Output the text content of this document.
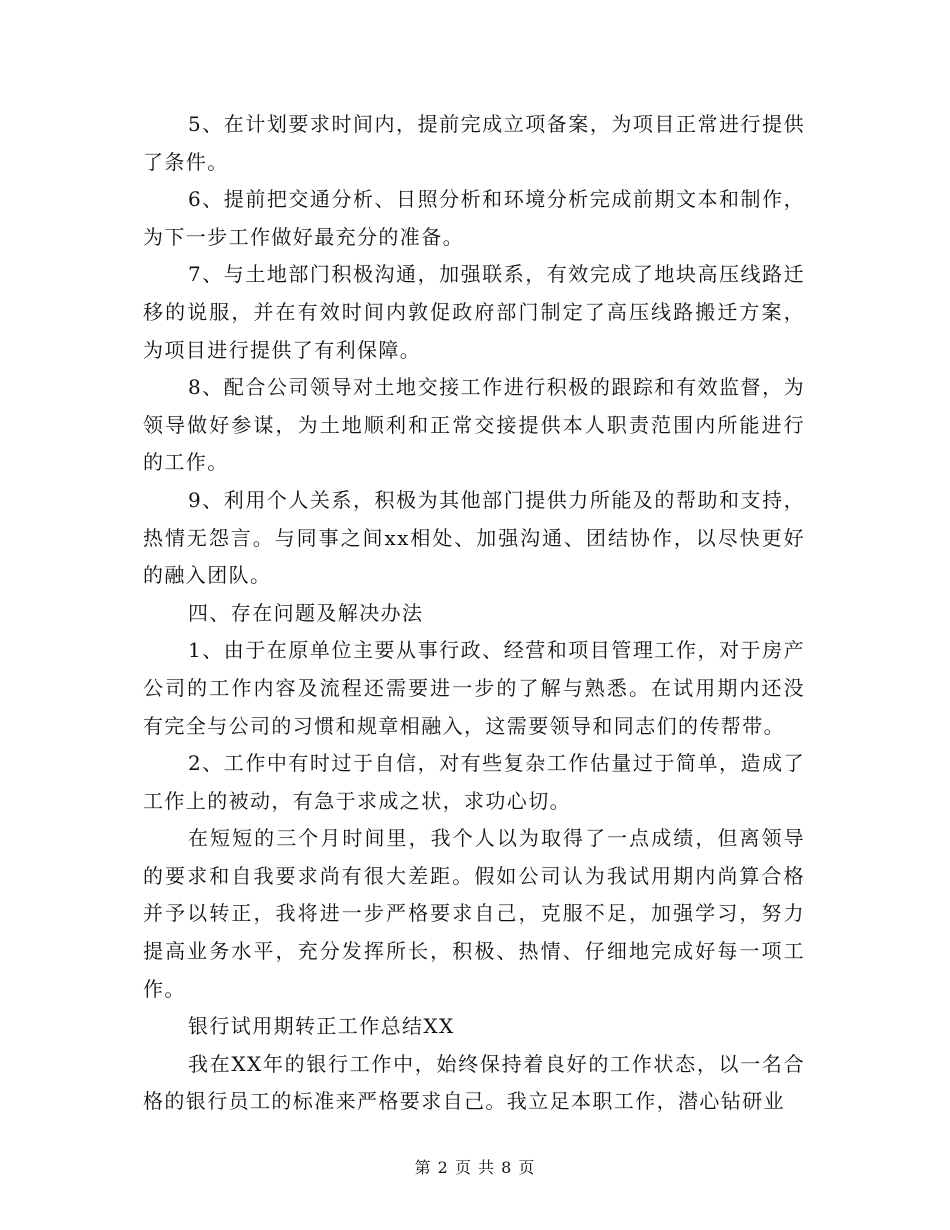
5、在计划要求时间内，提前完成立项备案，为项目正常进行提供了条件。

6、提前把交通分析、日照分析和环境分析完成前期文本和制作，为下一步工作做好最充分的准备。

7、与土地部门积极沟通，加强联系，有效完成了地块高压线路迁移的说服，并在有效时间内敦促政府部门制定了高压线路搬迁方案，为项目进行提供了有利保障。

8、配合公司领导对土地交接工作进行积极的跟踪和有效监督，为领导做好参谋，为土地顺利和正常交接提供本人职责范围内所能进行的工作。

9、利用个人关系，积极为其他部门提供力所能及的帮助和支持，热情无怨言。与同事之间xx相处、加强沟通、团结协作，以尽快更好的融入团队。

四、存在问题及解决办法

1、由于在原单位主要从事行政、经营和项目管理工作，对于房产公司的工作内容及流程还需要进一步的了解与熟悉。在试用期内还没有完全与公司的习惯和规章相融入，这需要领导和同志们的传帮带。

2、工作中有时过于自信，对有些复杂工作估量过于简单，造成了工作上的被动，有急于求成之状，求功心切。

在短短的三个月时间里，我个人以为取得了一点成绩，但离领导的要求和自我要求尚有很大差距。假如公司认为我试用期内尚算合格并予以转正，我将进一步严格要求自己，克服不足，加强学习，努力提高业务水平，充分发挥所长，积极、热情、仔细地完成好每一项工作。

银行试用期转正工作总结XX

我在XX年的银行工作中，始终保持着良好的工作状态，以一名合格的银行员工的标准来严格要求自己。我立足本职工作，潜心钻研业

第 2 页 共 8 页
